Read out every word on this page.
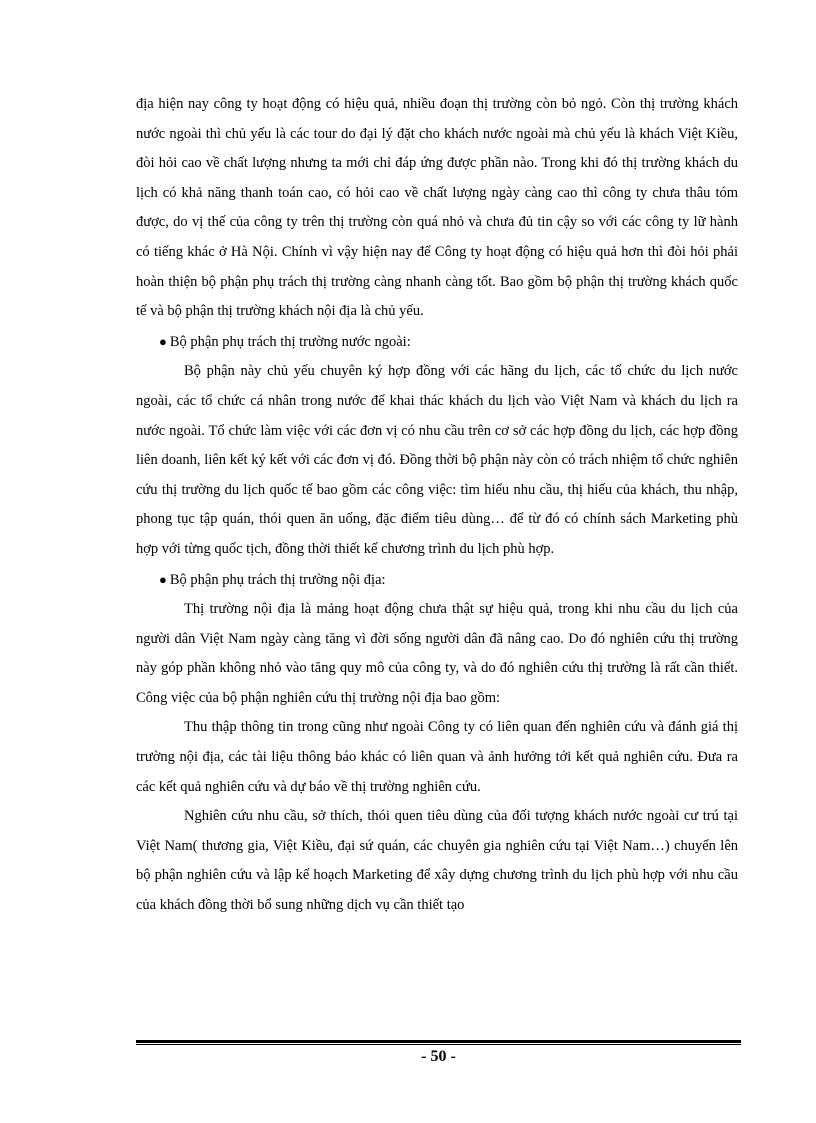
địa hiện nay công ty hoạt động có hiệu quả, nhiều đoạn thị trường còn bỏ ngỏ. Còn thị trường khách nước ngoài thì chủ yếu là các tour do đại lý đặt cho khách nước ngoài mà chủ yếu là khách Việt Kiều, đòi hỏi cao về chất lượng nhưng ta mới chỉ đáp ứng được phần nào. Trong khi đó thị trường khách du lịch có khả năng thanh toán cao, có hỏi cao về chất lượng ngày càng cao thì công ty chưa thâu tóm được, do vị thế của công ty trên thị trường còn quá nhỏ và chưa đủ tin cậy so với các công ty lữ hành có tiếng khác ở Hà Nội. Chính vì vậy hiện nay để Công ty hoạt động có hiệu quả hơn thì đòi hỏi phải hoàn thiện bộ phận phụ trách thị trường càng nhanh càng tốt. Bao gồm bộ phận thị trường khách quốc tế và bộ phận thị trường khách nội địa là chủ yếu.

● Bộ phận phụ trách thị trường nước ngoài:

Bộ phận này chủ yếu chuyên ký hợp đồng với các hãng du lịch, các tổ chức du lịch nước ngoài, các tổ chức cá nhân trong nước để khai thác khách du lịch vào Việt Nam và khách du lịch ra nước ngoài. Tổ chức làm việc với các đơn vị có nhu cầu trên cơ sở các hợp đồng du lịch, các hợp đồng liên doanh, liên kết ký kết với các đơn vị đó. Đồng thời bộ phận này còn có trách nhiệm tổ chức nghiên cứu thị trường du lịch quốc tế bao gồm các công việc: tìm hiểu nhu cầu, thị hiếu của khách, thu nhập, phong tục tập quán, thói quen ăn uống, đặc điểm tiêu dùng… để từ đó có chính sách Marketing phù hợp với từng quốc tịch, đồng thời thiết kế chương trình du lịch phù hợp.

● Bộ phận phụ trách thị trường nội địa:

Thị trường nội địa là mảng hoạt động chưa thật sự hiệu quả, trong khi nhu cầu du lịch của người dân Việt Nam ngày càng tăng vì đời sống người dân đã nâng cao. Do đó nghiên cứu thị trường này góp phần không nhỏ vào tăng quy mô của công ty, và do đó nghiên cứu thị trường là rất cần thiết. Công việc của bộ phận nghiên cứu thị trường nội địa bao gồm:

Thu thập thông tin trong cũng như ngoài Công ty có liên quan đến nghiên cứu và đánh giá thị trường nội địa, các tài liệu thông báo khác có liên quan và ảnh hưởng tới kết quả nghiên cứu. Đưa ra các kết quả nghiên cứu và dự báo về thị trường nghiên cứu.

Nghiên cứu nhu cầu, sở thích, thói quen tiêu dùng của đối tượng khách nước ngoài cư trú tại Việt Nam( thương gia, Việt Kiều, đại sứ quán, các chuyên gia nghiên cứu tại Việt Nam…) chuyển lên bộ phận nghiên cứu và lập kế hoạch Marketing để xây dựng chương trình du lịch phù hợp với nhu cầu của khách đồng thời bổ sung những dịch vụ cần thiết tạo

- 50 -
